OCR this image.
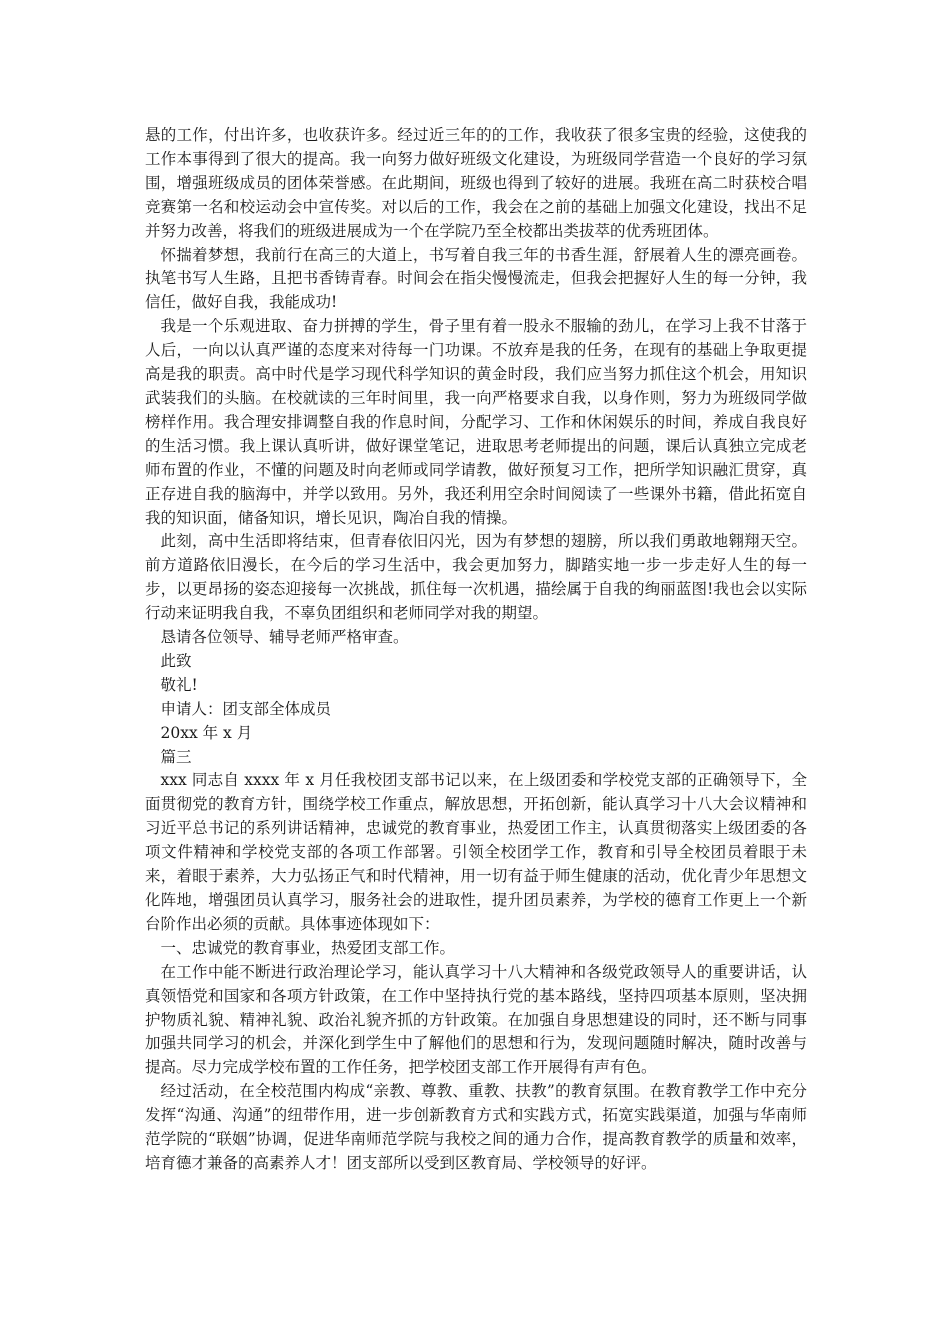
悬的工作，付出许多，也收获许多。经过近三年的的工作，我收获了很多宝贵的经验，这使我的工作本事得到了很大的提高。我一向努力做好班级文化建设，为班级同学营造一个良好的学习氛围，增强班级成员的团体荣誉感。在此期间，班级也得到了较好的进展。我班在高二时获校合唱竞赛第一名和校运动会中宣传奖。对以后的工作，我会在之前的基础上加强文化建设，找出不足并努力改善，将我们的班级进展成为一个在学院乃至全校都出类拔萃的优秀班团体。

怀揣着梦想，我前行在高三的大道上，书写着自我三年的书香生涯，舒展着人生的漂亮画卷。执笔书写人生路，且把书香铸青春。时间会在指尖慢慢流走，但我会把握好人生的每一分钟，我信任，做好自我，我能成功!

我是一个乐观进取、奋力拼搏的学生，骨子里有着一股永不服输的劲儿，在学习上我不甘落于人后，一向以认真严谨的态度来对待每一门功课。不放弃是我的任务，在现有的基础上争取更提高是我的职责。高中时代是学习现代科学知识的黄金时段，我们应当努力抓住这个机会，用知识武装我们的头脑。在校就读的三年时间里，我一向严格要求自我，以身作则，努力为班级同学做榜样作用。我合理安排调整自我的作息时间，分配学习、工作和休闲娱乐的时间，养成自我良好的生活习惯。我上课认真听讲，做好课堂笔记，进取思考老师提出的问题，课后认真独立完成老师布置的作业，不懂的问题及时向老师或同学请教，做好预复习工作，把所学知识融汇贯穿，真正存进自我的脑海中，并学以致用。另外，我还利用空余时间阅读了一些课外书籍，借此拓宽自我的知识面，储备知识，增长见识，陶冶自我的情操。

此刻，高中生活即将结束，但青春依旧闪光，因为有梦想的翅膀，所以我们勇敢地翱翔天空。前方道路依旧漫长，在今后的学习生活中，我会更加努力，脚踏实地一步一步走好人生的每一步，以更昂扬的姿态迎接每一次挑战，抓住每一次机遇，描绘属于自我的绚丽蓝图!我也会以实际行动来证明我自我，不辜负团组织和老师同学对我的期望。

恳请各位领导、辅导老师严格审查。

此致

敬礼!

申请人：团支部全体成员

20xx 年 x 月

篇三

xxx 同志自 xxxx 年 x 月任我校团支部书记以来，在上级团委和学校党支部的正确领导下，全面贯彻党的教育方针，围绕学校工作重点，解放思想，开拓创新，能认真学习十八大会议精神和习近平总书记的系列讲话精神，忠诚党的教育事业，热爱团工作主，认真贯彻落实上级团委的各项文件精神和学校党支部的各项工作部署。引领全校团学工作，教育和引导全校团员着眼于未来，着眼于素养，大力弘扬正气和时代精神，用一切有益于师生健康的活动，优化青少年思想文化阵地，增强团员认真学习，服务社会的进取性，提升团员素养，为学校的德育工作更上一个新台阶作出必须的贡献。具体事迹体现如下：

一、忠诚党的教育事业，热爱团支部工作。

在工作中能不断进行政治理论学习，能认真学习十八大精神和各级党政领导人的重要讲话，认真领悟党和国家和各项方针政策，在工作中坚持执行党的基本路线，坚持四项基本原则，坚决拥护物质礼貌、精神礼貌、政治礼貌齐抓的方针政策。在加强自身思想建设的同时，还不断与同事加强共同学习的机会，并深化到学生中了解他们的思想和行为，发现问题随时解决，随时改善与提高。尽力完成学校布置的工作任务，把学校团支部工作开展得有声有色。

经过活动，在全校范围内构成“亲教、尊教、重教、扶教”的教育氛围。在教育教学工作中充分发挥“沟通、沟通”的纽带作用，进一步创新教育方式和实践方式，拓宽实践渠道，加强与华南师范学院的“联姻”协调，促进华南师范学院与我校之间的通力合作，提高教育教学的质量和效率，培育德才兼备的高素养人才！团支部所以受到区教育局、学校领导的好评。
